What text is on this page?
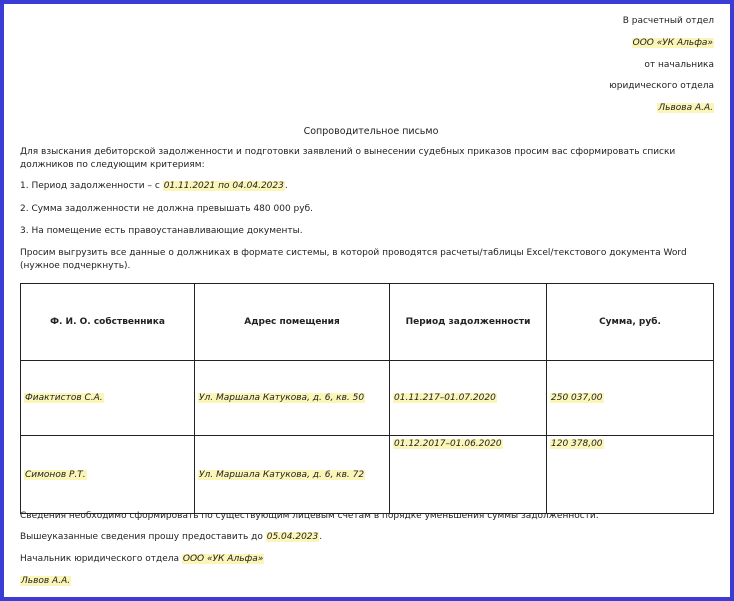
В расчетный отдел
ООО «УК Альфа»
от начальника
юридического отдела
Львова А.А.
Сопроводительное письмо
Для взыскания дебиторской задолженности и подготовки заявлений о вынесении судебных приказов просим вас сформировать списки должников по следующим критериям:
1. Период задолженности – с 01.11.2021 по 04.04.2023.
2. Сумма задолженности не должна превышать 480 000 руб.
3. На помещение есть правоустанавливающие документы.
Просим выгрузить все данные о должниках в формате системы, в которой проводятся расчеты/таблицы Excel/текстового документа Word (нужное подчеркнуть).
Ф. И. О. собственника	Адрес помещения	Период задолженности	Сумма, руб.
Фиактистов С.А.	Ул. Маршала Катукова, д. 6, кв. 50	01.11.217–01.07.2020	250 037,00
Симонов Р.Т.	Ул. Маршала Катукова, д. 6, кв. 72	01.12.2017–01.06.2020	120 378,00
Сведения необходимо сформировать по существующим лицевым счетам в порядке уменьшения суммы задолженности.
Вышеуказанные сведения прошу предоставить до 05.04.2023.
Начальник юридического отдела ООО «УК Альфа»
Львов А.А.
